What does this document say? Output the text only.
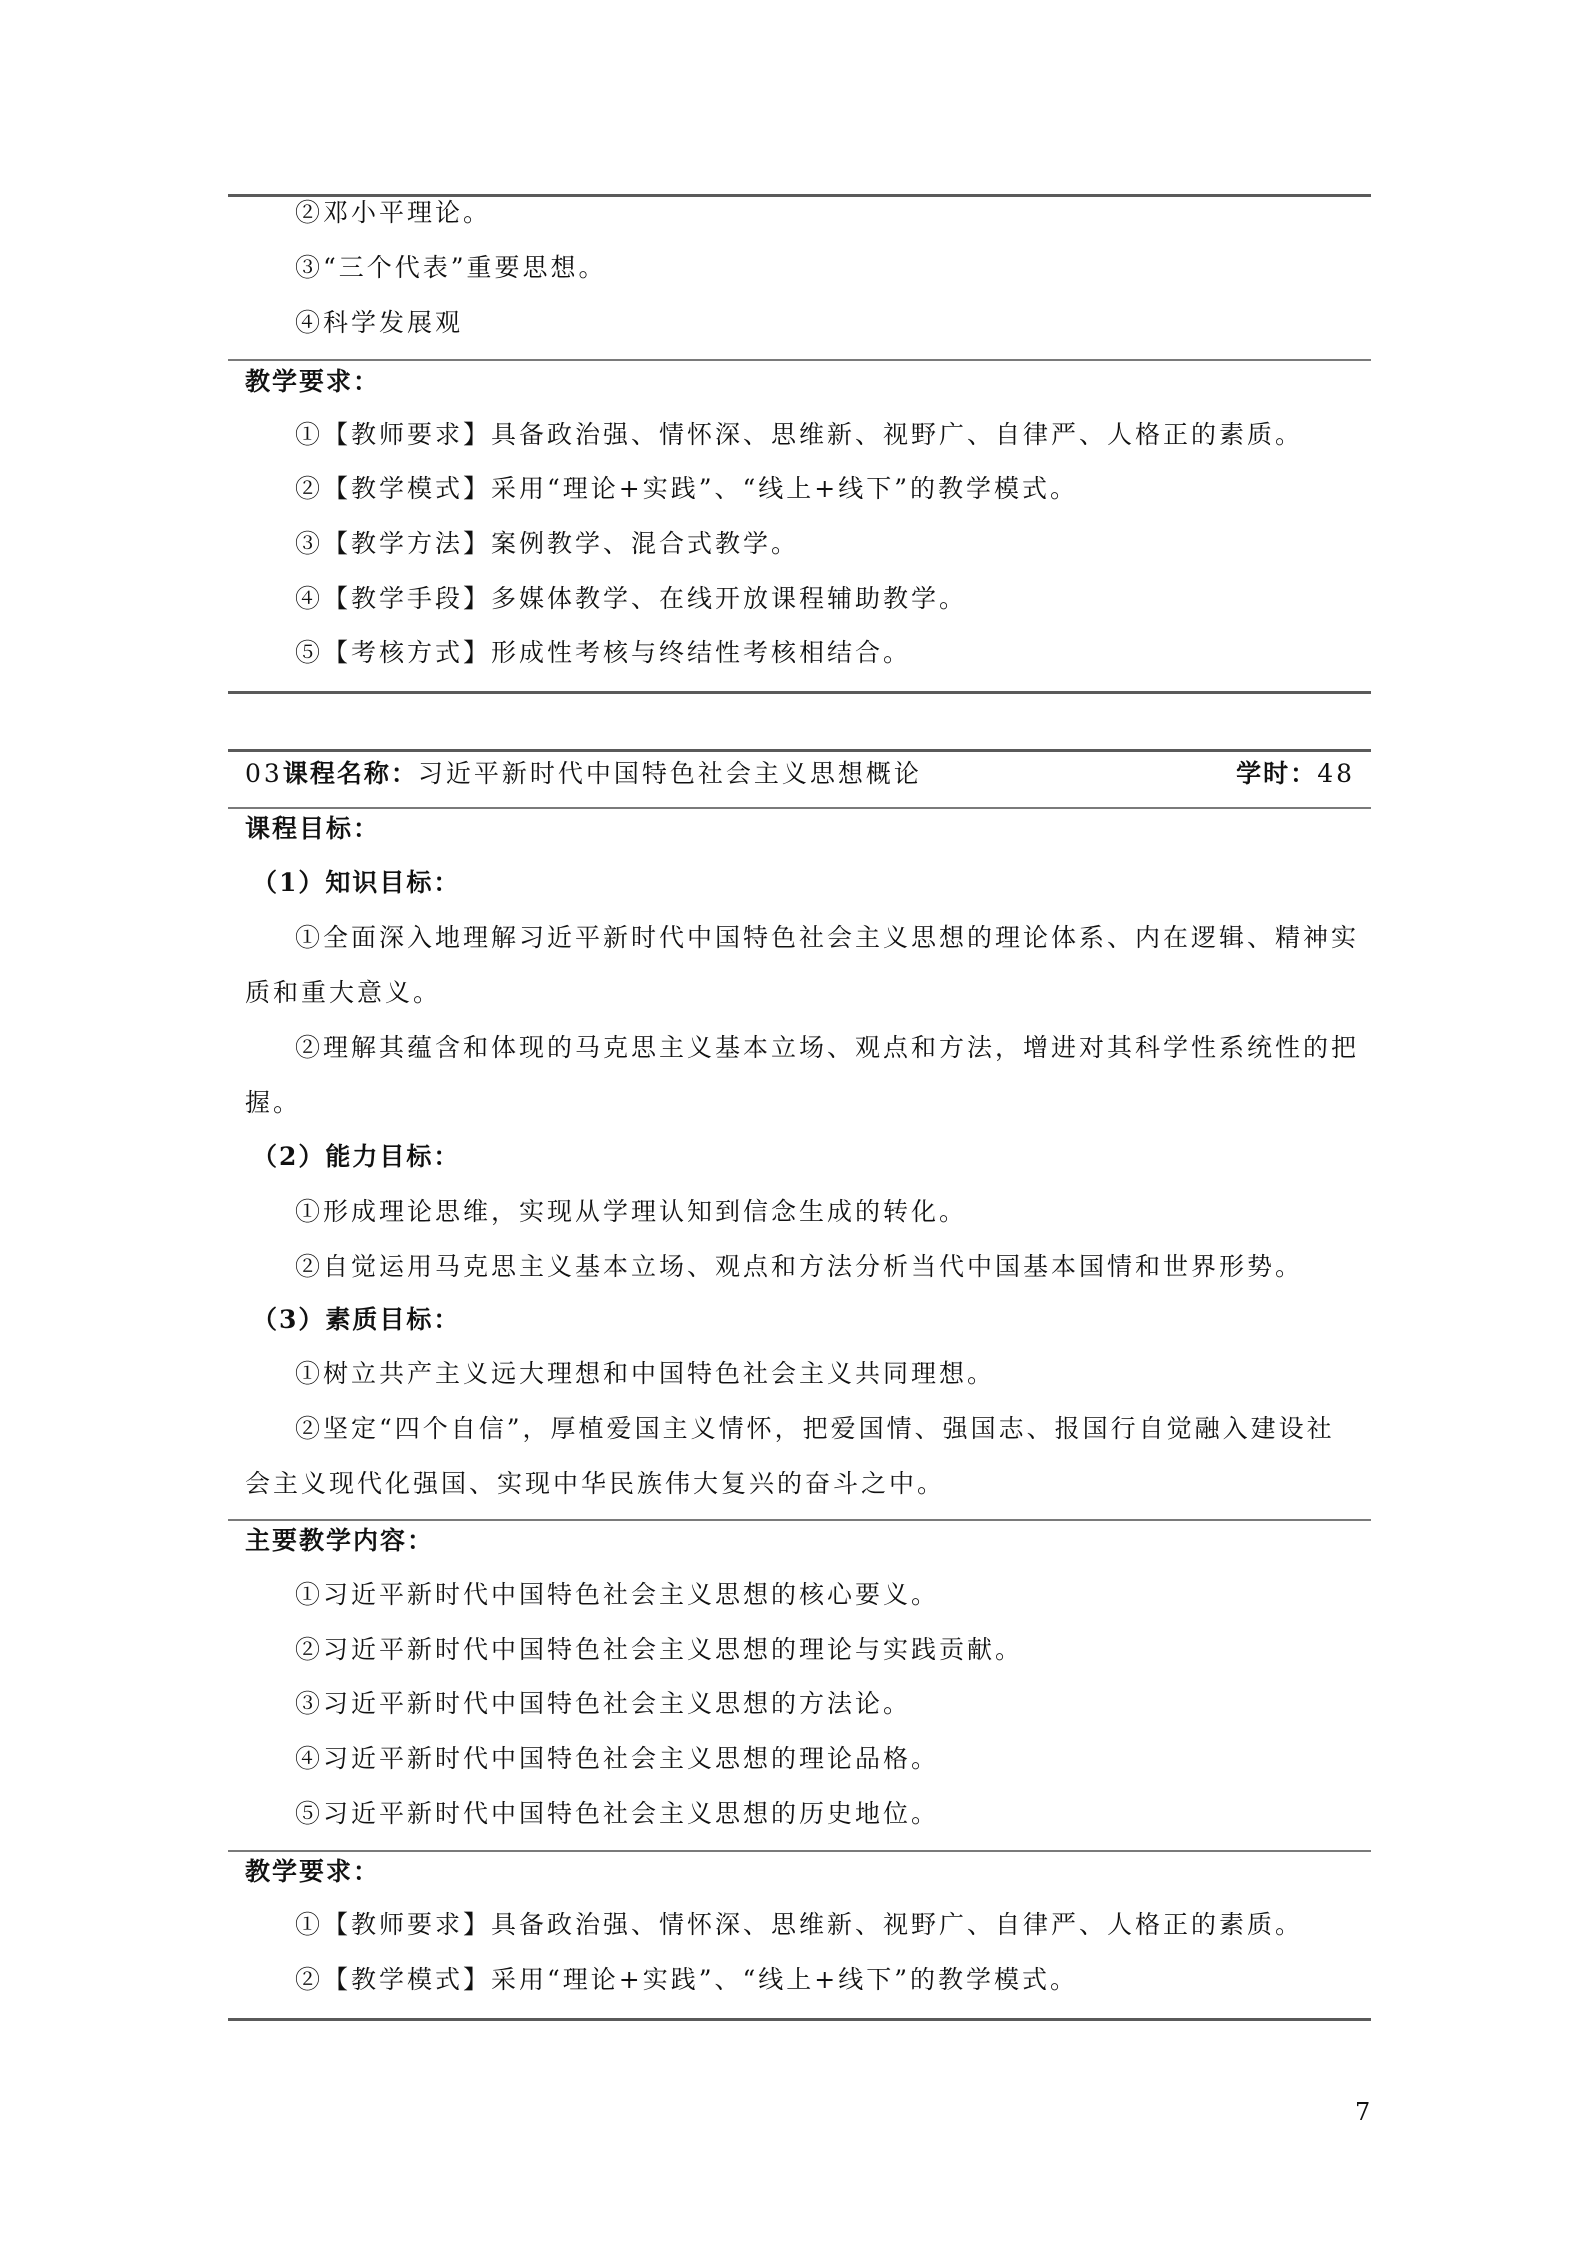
②邓小平理论。
③“三个代表”重要思想。
④科学发展观
教学要求：
①【教师要求】具备政治强、情怀深、思维新、视野广、自律严、人格正的素质。
②【教学模式】采用“理论+实践”、“线上+线下”的教学模式。
③【教学方法】案例教学、混合式教学。
④【教学手段】多媒体教学、在线开放课程辅助教学。
⑤【考核方式】形成性考核与终结性考核相结合。
03课程名称：习近平新时代中国特色社会主义思想概论	学时：48
课程目标：
（1）知识目标：
①全面深入地理解习近平新时代中国特色社会主义思想的理论体系、内在逻辑、精神实
质和重大意义。
②理解其蕴含和体现的马克思主义基本立场、观点和方法，增进对其科学性系统性的把
握。
（2）能力目标：
①形成理论思维，实现从学理认知到信念生成的转化。
②自觉运用马克思主义基本立场、观点和方法分析当代中国基本国情和世界形势。
（3）素质目标：
①树立共产主义远大理想和中国特色社会主义共同理想。
②坚定“四个自信”，厚植爱国主义情怀，把爱国情、强国志、报国行自觉融入建设社
会主义现代化强国、实现中华民族伟大复兴的奋斗之中。
主要教学内容：
①习近平新时代中国特色社会主义思想的核心要义。
②习近平新时代中国特色社会主义思想的理论与实践贡献。
③习近平新时代中国特色社会主义思想的方法论。
④习近平新时代中国特色社会主义思想的理论品格。
⑤习近平新时代中国特色社会主义思想的历史地位。
教学要求：
①【教师要求】具备政治强、情怀深、思维新、视野广、自律严、人格正的素质。
②【教学模式】采用“理论+实践”、“线上+线下”的教学模式。
7
